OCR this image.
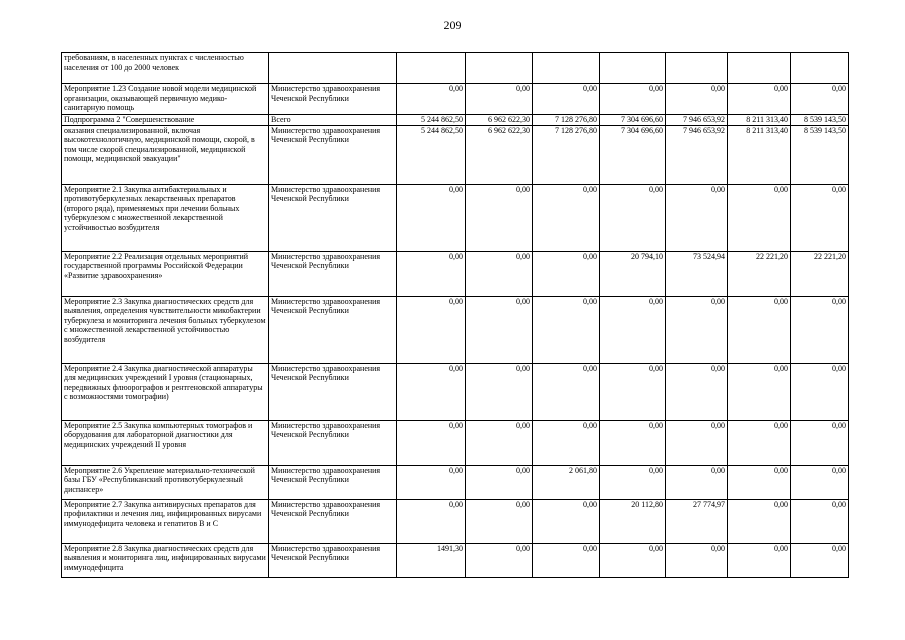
209
требованиям, в населенных пунктах с численностью населения от 100 до 2000 человек								
Мероприятие 1.23 Создание новой модели медицинской организации, оказывающей первичную медико-санитарную помощь	Министерство здравоохранения Чеченской Республики	0,00	0,00	0,00	0,00	0,00	0,00	0,00
Подпрограмма 2 "Совершенствование	Всего	5 244 862,50	6 962 622,30	7 128 276,80	7 304 696,60	7 946 653,92	8 211 313,40	8 539 143,50
оказания специализированной, включая высокотехнологичную, медицинской помощи, скорой, в том числе скорой специализированной, медицинской помощи, медицинской эвакуации"	Министерство здравоохранения Чеченской Республики	5 244 862,50	6 962 622,30	7 128 276,80	7 304 696,60	7 946 653,92	8 211 313,40	8 539 143,50
Мероприятие 2.1 Закупка антибактериальных и противотуберкулезных лекарственных препаратов (второго ряда), применяемых при лечении больных туберкулезом с множественной лекарственной устойчивостью возбудителя	Министерство здравоохранения Чеченской Республики	0,00	0,00	0,00	0,00	0,00	0,00	0,00
Мероприятие 2.2 Реализация отдельных мероприятий государственной программы Российской Федерации «Развитие здравоохранения»	Министерство здравоохранения Чеченской Республики	0,00	0,00	0,00	20 794,10	73 524,94	22 221,20	22 221,20
Мероприятие 2.3 Закупка диагностических средств для выявления, определения чувствительности микобактерии туберкулеза и мониторинга лечения больных туберкулезом с множественной лекарственной устойчивостью возбудителя	Министерство здравоохранения Чеченской Республики	0,00	0,00	0,00	0,00	0,00	0,00	0,00
Мероприятие 2.4 Закупка диагностической аппаратуры для медицинских учреждений I уровня (стационарных, передвижных флюорографов и рентгеновской аппаратуры с возможностями томографии)	Министерство здравоохранения Чеченской Республики	0,00	0,00	0,00	0,00	0,00	0,00	0,00
Мероприятие 2.5 Закупка компьютерных томографов и оборудования для лабораторной диагностики для медицинских учреждений II уровня	Министерство здравоохранения Чеченской Республики	0,00	0,00	0,00	0,00	0,00	0,00	0,00
Мероприятие 2.6 Укрепление материально-технической базы ГБУ «Республиканский противотуберкулезный диспансер»	Министерство здравоохранения Чеченской Республики	0,00	0,00	2 061,80	0,00	0,00	0,00	0,00
Мероприятие 2.7 Закупка антивирусных препаратов для профилактики и лечения лиц, инфицированных вирусами иммунодефицита человека и гепатитов B и C	Министерство здравоохранения Чеченской Республики	0,00	0,00	0,00	20 112,80	27 774,97	0,00	0,00
Мероприятие 2.8 Закупка диагностических средств для выявления и мониторинга лиц, инфицированных вирусами иммунодефицита	Министерство здравоохранения Чеченской Республики	1491,30	0,00	0,00	0,00	0,00	0,00	0,00
